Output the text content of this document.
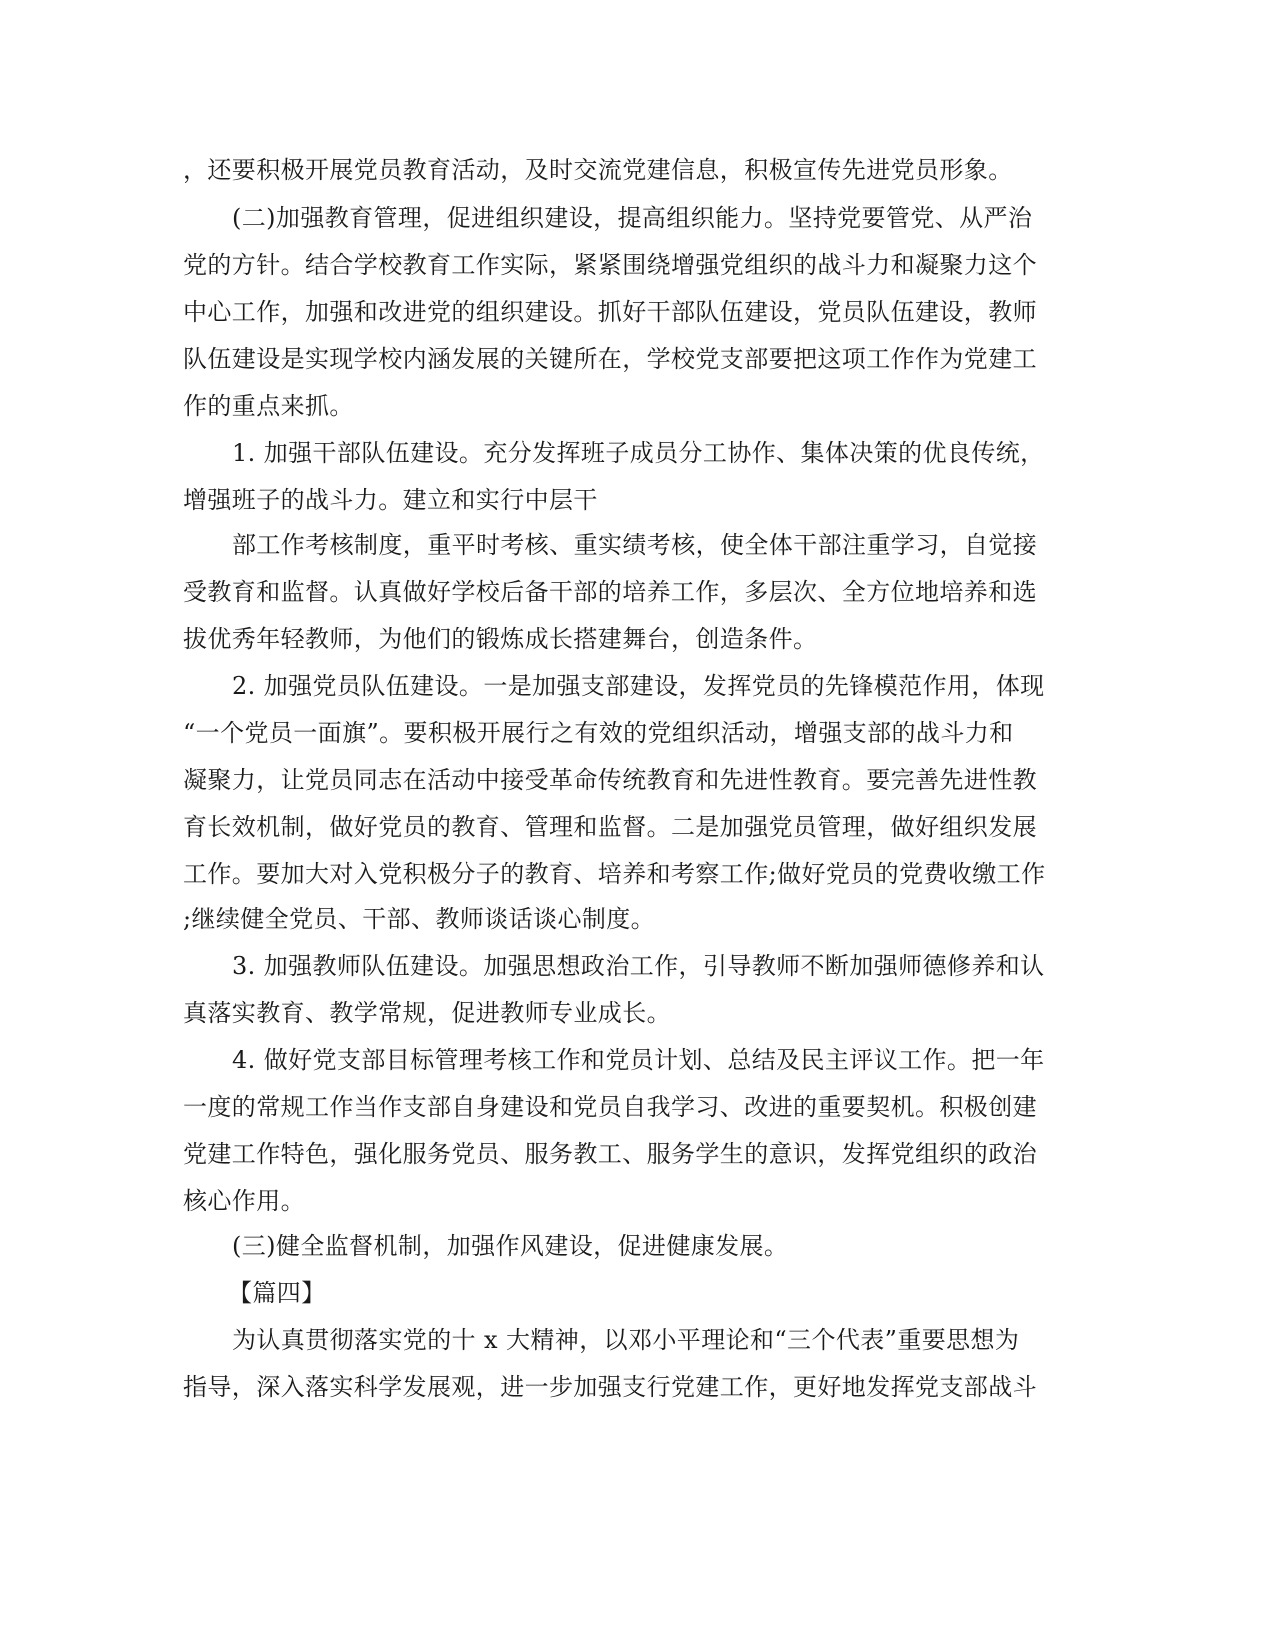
，还要积极开展党员教育活动，及时交流党建信息，积极宣传先进党员形象。
(二)加强教育管理，促进组织建设，提高组织能力。坚持党要管党、从严治
党的方针。结合学校教育工作实际，紧紧围绕增强党组织的战斗力和凝聚力这个
中心工作，加强和改进党的组织建设。抓好干部队伍建设，党员队伍建设，教师
队伍建设是实现学校内涵发展的关键所在，学校党支部要把这项工作作为党建工
作的重点来抓。
1. 加强干部队伍建设。充分发挥班子成员分工协作、集体决策的优良传统，
增强班子的战斗力。建立和实行中层干
部工作考核制度，重平时考核、重实绩考核，使全体干部注重学习，自觉接
受教育和监督。认真做好学校后备干部的培养工作，多层次、全方位地培养和选
拔优秀年轻教师，为他们的锻炼成长搭建舞台，创造条件。
2. 加强党员队伍建设。一是加强支部建设，发挥党员的先锋模范作用，体现
“一个党员一面旗”。要积极开展行之有效的党组织活动，增强支部的战斗力和
凝聚力，让党员同志在活动中接受革命传统教育和先进性教育。要完善先进性教
育长效机制，做好党员的教育、管理和监督。二是加强党员管理，做好组织发展
工作。要加大对入党积极分子的教育、培养和考察工作;做好党员的党费收缴工作
;继续健全党员、干部、教师谈话谈心制度。
3. 加强教师队伍建设。加强思想政治工作，引导教师不断加强师德修养和认
真落实教育、教学常规，促进教师专业成长。
4. 做好党支部目标管理考核工作和党员计划、总结及民主评议工作。把一年
一度的常规工作当作支部自身建设和党员自我学习、改进的重要契机。积极创建
党建工作特色，强化服务党员、服务教工、服务学生的意识，发挥党组织的政治
核心作用。
(三)健全监督机制，加强作风建设，促进健康发展。
【篇四】
为认真贯彻落实党的十 x 大精神，以邓小平理论和“三个代表”重要思想为
指导，深入落实科学发展观，进一步加强支行党建工作，更好地发挥党支部战斗
